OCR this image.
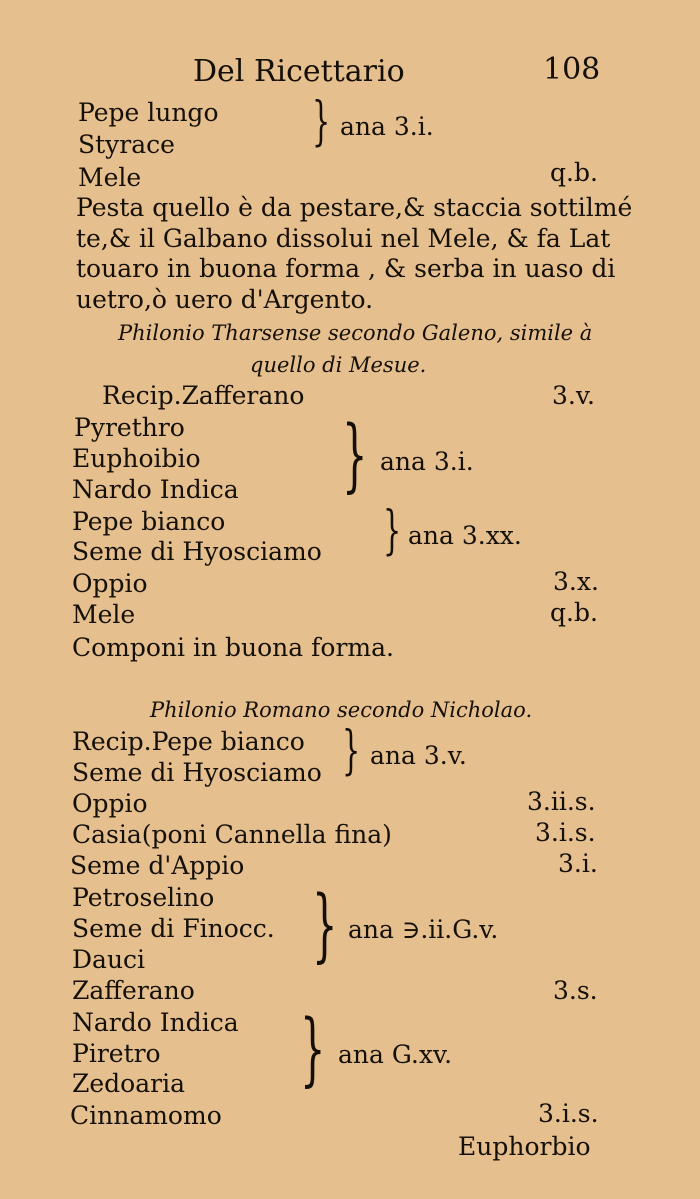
Del Ricettario	108
Pepe lungo
Styrace	} ana 3.i.
Mele	q.b.
Pesta quello è da pestare,& staccia sottilmé
te,& il Galbano dissolui nel Mele, & fa Lat
touaro in buona forma , & serba in uaso di
uetro,ò uero d'Argento.
Philonio Tharsense secondo Galeno, simile à
quello di Mesue.
Recip.Zafferano	3.v.
Pyrethro
Euphoibio
Nardo Indica } ana 3.i.
Pepe bianco
Seme di Hyosciamo } ana 3.xx.
Oppio	3.x.
Mele	q.b.
Componi in buona forma.
Philonio Romano secondo Nicholao.
Recip.Pepe bianco
Seme di Hyosciamo } ana 3.v.
Oppio	3.ii.s.
Casia(poni Cannella fina)	3.i.s.
Seme d'Appio	3.i.
Petroselino
Seme di Finocc.
Dauci } ana ∋.ii.G.v.
Zafferano	3.s.
Nardo Indica
Piretro
Zedoaria } ana G.xv.
Cinnamomo	3.i.s.
Euphorbio
